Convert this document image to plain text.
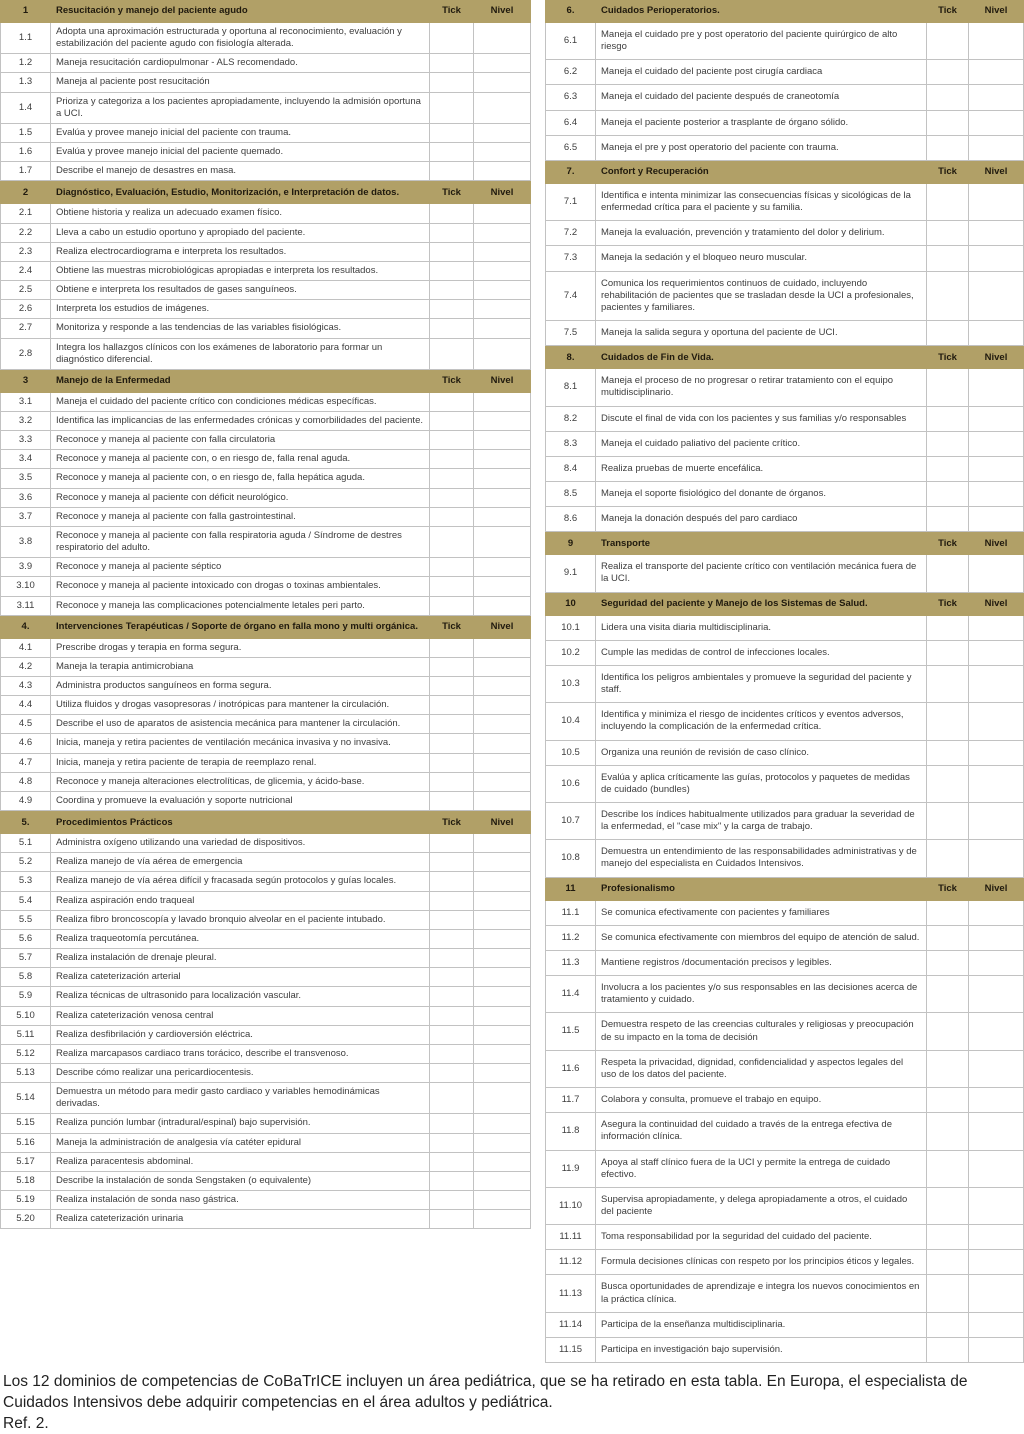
1	Resucitación y manejo del paciente agudo	Tick	Nivel
1.1	Adopta una aproximación estructurada y oportuna al reconocimiento, evaluación y estabilización del paciente agudo con fisiología alterada.		
1.2	Maneja resucitación cardiopulmonar - ALS recomendado.		
1.3	Maneja al paciente post resucitación		
1.4	Prioriza y categoriza a los pacientes apropiadamente, incluyendo la admisión oportuna a UCI.		
1.5	Evalúa y provee manejo inicial del paciente con trauma.		
1.6	Evalúa y provee manejo inicial del paciente quemado.		
1.7	Describe el manejo de desastres en masa.		
2	Diagnóstico, Evaluación, Estudio, Monitorización, e Interpretación de datos.	Tick	Nivel
2.1	Obtiene historia y realiza un adecuado examen físico.		
2.2	Lleva a cabo un estudio oportuno y apropiado del paciente.		
2.3	Realiza electrocardiograma e interpreta los resultados.		
2.4	Obtiene las muestras microbiológicas apropiadas e interpreta los resultados.		
2.5	Obtiene e interpreta los resultados de gases sanguíneos.		
2.6	Interpreta los estudios de imágenes.		
2.7	Monitoriza y responde a las tendencias de las variables fisiológicas.		
2.8	Integra los hallazgos clínicos con los exámenes de laboratorio para formar un diagnóstico diferencial.		
3	Manejo de la Enfermedad	Tick	Nivel
3.1	Maneja el cuidado del paciente crítico con condiciones médicas específicas.		
3.2	Identifica las implicancias de las enfermedades crónicas y comorbilidades del paciente.		
3.3	Reconoce y maneja al paciente con falla circulatoria		
3.4	Reconoce y maneja al paciente con, o en riesgo de, falla renal aguda.		
3.5	Reconoce y maneja al paciente con, o en riesgo de, falla hepática aguda.		
3.6	Reconoce y maneja al paciente con déficit neurológico.		
3.7	Reconoce y maneja al paciente con falla gastrointestinal.		
3.8	Reconoce y maneja al paciente con falla respiratoria aguda / Síndrome de destres respiratorio del adulto.		
3.9	Reconoce y maneja al paciente séptico		
3.10	Reconoce y maneja al paciente intoxicado con drogas o toxinas ambientales.		
3.11	Reconoce y maneja las complicaciones potencialmente letales peri parto.		
4.	Intervenciones Terapéuticas / Soporte de órgano en falla mono y multi orgánica.	Tick	Nivel
4.1	Prescribe drogas y terapia en forma segura.		
4.2	Maneja la terapia antimicrobiana		
4.3	Administra productos sanguíneos en forma segura.		
4.4	Utiliza fluidos y drogas vasopresoras / inotrópicas para mantener la circulación.		
4.5	Describe el uso de aparatos de asistencia mecánica para mantener la circulación.		
4.6	Inicia, maneja y retira pacientes de ventilación mecánica invasiva y no invasiva.		
4.7	Inicia, maneja y retira paciente de terapia de reemplazo renal.		
4.8	Reconoce y maneja alteraciones electrolíticas, de glicemia, y ácido-base.		
4.9	Coordina y promueve la evaluación y soporte nutricional		
5.	Procedimientos Prácticos	Tick	Nivel
5.1	Administra oxígeno utilizando una variedad de dispositivos.		
5.2	Realiza manejo de vía aérea de emergencia		
5.3	Realiza manejo de vía aérea difícil y fracasada según protocolos y guías locales.		
5.4	Realiza aspiración endo traqueal		
5.5	Realiza fibro broncoscopía y lavado bronquio alveolar en el paciente intubado.		
5.6	Realiza traqueotomía percutánea.		
5.7	Realiza instalación de drenaje pleural.		
5.8	Realiza cateterización arterial		
5.9	Realiza técnicas de ultrasonido para localización vascular.		
5.10	Realiza cateterización venosa central		
5.11	Realiza desfibrilación y cardioversión eléctrica.		
5.12	Realiza marcapasos cardiaco trans torácico, describe el transvenoso.		
5.13	Describe cómo realizar una pericardiocentesis.		
5.14	Demuestra un método para medir gasto cardiaco y variables hemodinámicas derivadas.		
5.15	Realiza punción lumbar (intradural/espinal) bajo supervisión.		
5.16	Maneja la administración de analgesia vía catéter epidural		
5.17	Realiza paracentesis abdominal.		
5.18	Describe la instalación de sonda Sengstaken (o equivalente)		
5.19	Realiza instalación de sonda naso gástrica.		
5.20	Realiza cateterización urinaria		
6.	Cuidados Perioperatorios.	Tick	Nivel
6.1	Maneja el cuidado pre y post operatorio del paciente quirúrgico de alto riesgo		
6.2	Maneja el cuidado del paciente post cirugía cardiaca		
6.3	Maneja el cuidado del paciente después de craneotomía		
6.4	Maneja el paciente posterior a trasplante de órgano sólido.		
6.5	Maneja el pre y post operatorio del paciente con trauma.		
7.	Confort y Recuperación	Tick	Nivel
7.1	Identifica e intenta minimizar las consecuencias físicas y sicológicas de la enfermedad crítica para el paciente y su familia.		
7.2	Maneja la evaluación, prevención y tratamiento del dolor y delirium.		
7.3	Maneja la sedación y el bloqueo neuro muscular.		
7.4	Comunica los requerimientos continuos de cuidado, incluyendo rehabilitación de pacientes que se trasladan desde la UCI a profesionales, pacientes y familiares.		
7.5	Maneja la salida segura y oportuna del paciente de UCI.		
8.	Cuidados de Fin de Vida.	Tick	Nivel
8.1	Maneja el proceso de no progresar o retirar tratamiento con el equipo multidisciplinario.		
8.2	Discute el final de vida con los pacientes y sus familias y/o responsables		
8.3	Maneja el cuidado paliativo del paciente crítico.		
8.4	Realiza pruebas de muerte encefálica.		
8.5	Maneja el soporte fisiológico del donante de órganos.		
8.6	Maneja la donación después del paro cardiaco		
9	Transporte	Tick	Nivel
9.1	Realiza el transporte del paciente crítico con ventilación mecánica fuera de la UCI.		
10	Seguridad del paciente y Manejo de los Sistemas de Salud.	Tick	Nivel
10.1	Lidera una visita diaria multidisciplinaria.		
10.2	Cumple las medidas de control de infecciones locales.		
10.3	Identifica los peligros ambientales y promueve la seguridad del paciente y staff.		
10.4	Identifica y minimiza el riesgo de incidentes críticos y eventos adversos, incluyendo la complicación de la enfermedad crítica.		
10.5	Organiza una reunión de revisión de caso clínico.		
10.6	Evalúa y aplica críticamente las guías, protocolos y paquetes de medidas de cuidado (bundles)		
10.7	Describe los índices habitualmente utilizados para graduar la severidad de la enfermedad, el "case mix" y la carga de trabajo.		
10.8	Demuestra un entendimiento de las responsabilidades administrativas y de manejo del especialista en Cuidados Intensivos.		
11	Profesionalismo	Tick	Nivel
11.1	Se comunica efectivamente con pacientes y familiares		
11.2	Se comunica efectivamente con miembros del equipo de atención de salud.		
11.3	Mantiene registros /documentación precisos y legibles.		
11.4	Involucra a los pacientes y/o sus responsables en las decisiones acerca de tratamiento y cuidado.		
11.5	Demuestra respeto de las creencias culturales y religiosas y preocupación de su impacto en la toma de decisión		
11.6	Respeta la privacidad, dignidad, confidencialidad y aspectos legales del uso de los datos del paciente.		
11.7	Colabora y consulta, promueve el trabajo en equipo.		
11.8	Asegura la continuidad del cuidado a través de la entrega efectiva de información clínica.		
11.9	Apoya al staff clínico fuera de la UCI y permite la entrega de cuidado efectivo.		
11.10	Supervisa apropiadamente, y delega apropiadamente a otros, el cuidado del paciente		
11.11	Toma responsabilidad por la seguridad del cuidado del paciente.		
11.12	Formula decisiones clínicas con respeto por los principios éticos y legales.		
11.13	Busca oportunidades de aprendizaje e integra los nuevos conocimientos en la práctica clínica.		
11.14	Participa de la enseñanza multidisciplinaria.		
11.15	Participa en investigación bajo supervisión.		

Los 12 dominios de competencias de CoBaTrICE incluyen un área pediátrica, que se ha retirado en esta tabla. En Europa, el especialista de Cuidados Intensivos debe adquirir competencias en el área adultos y pediátrica.

Ref. 2.
